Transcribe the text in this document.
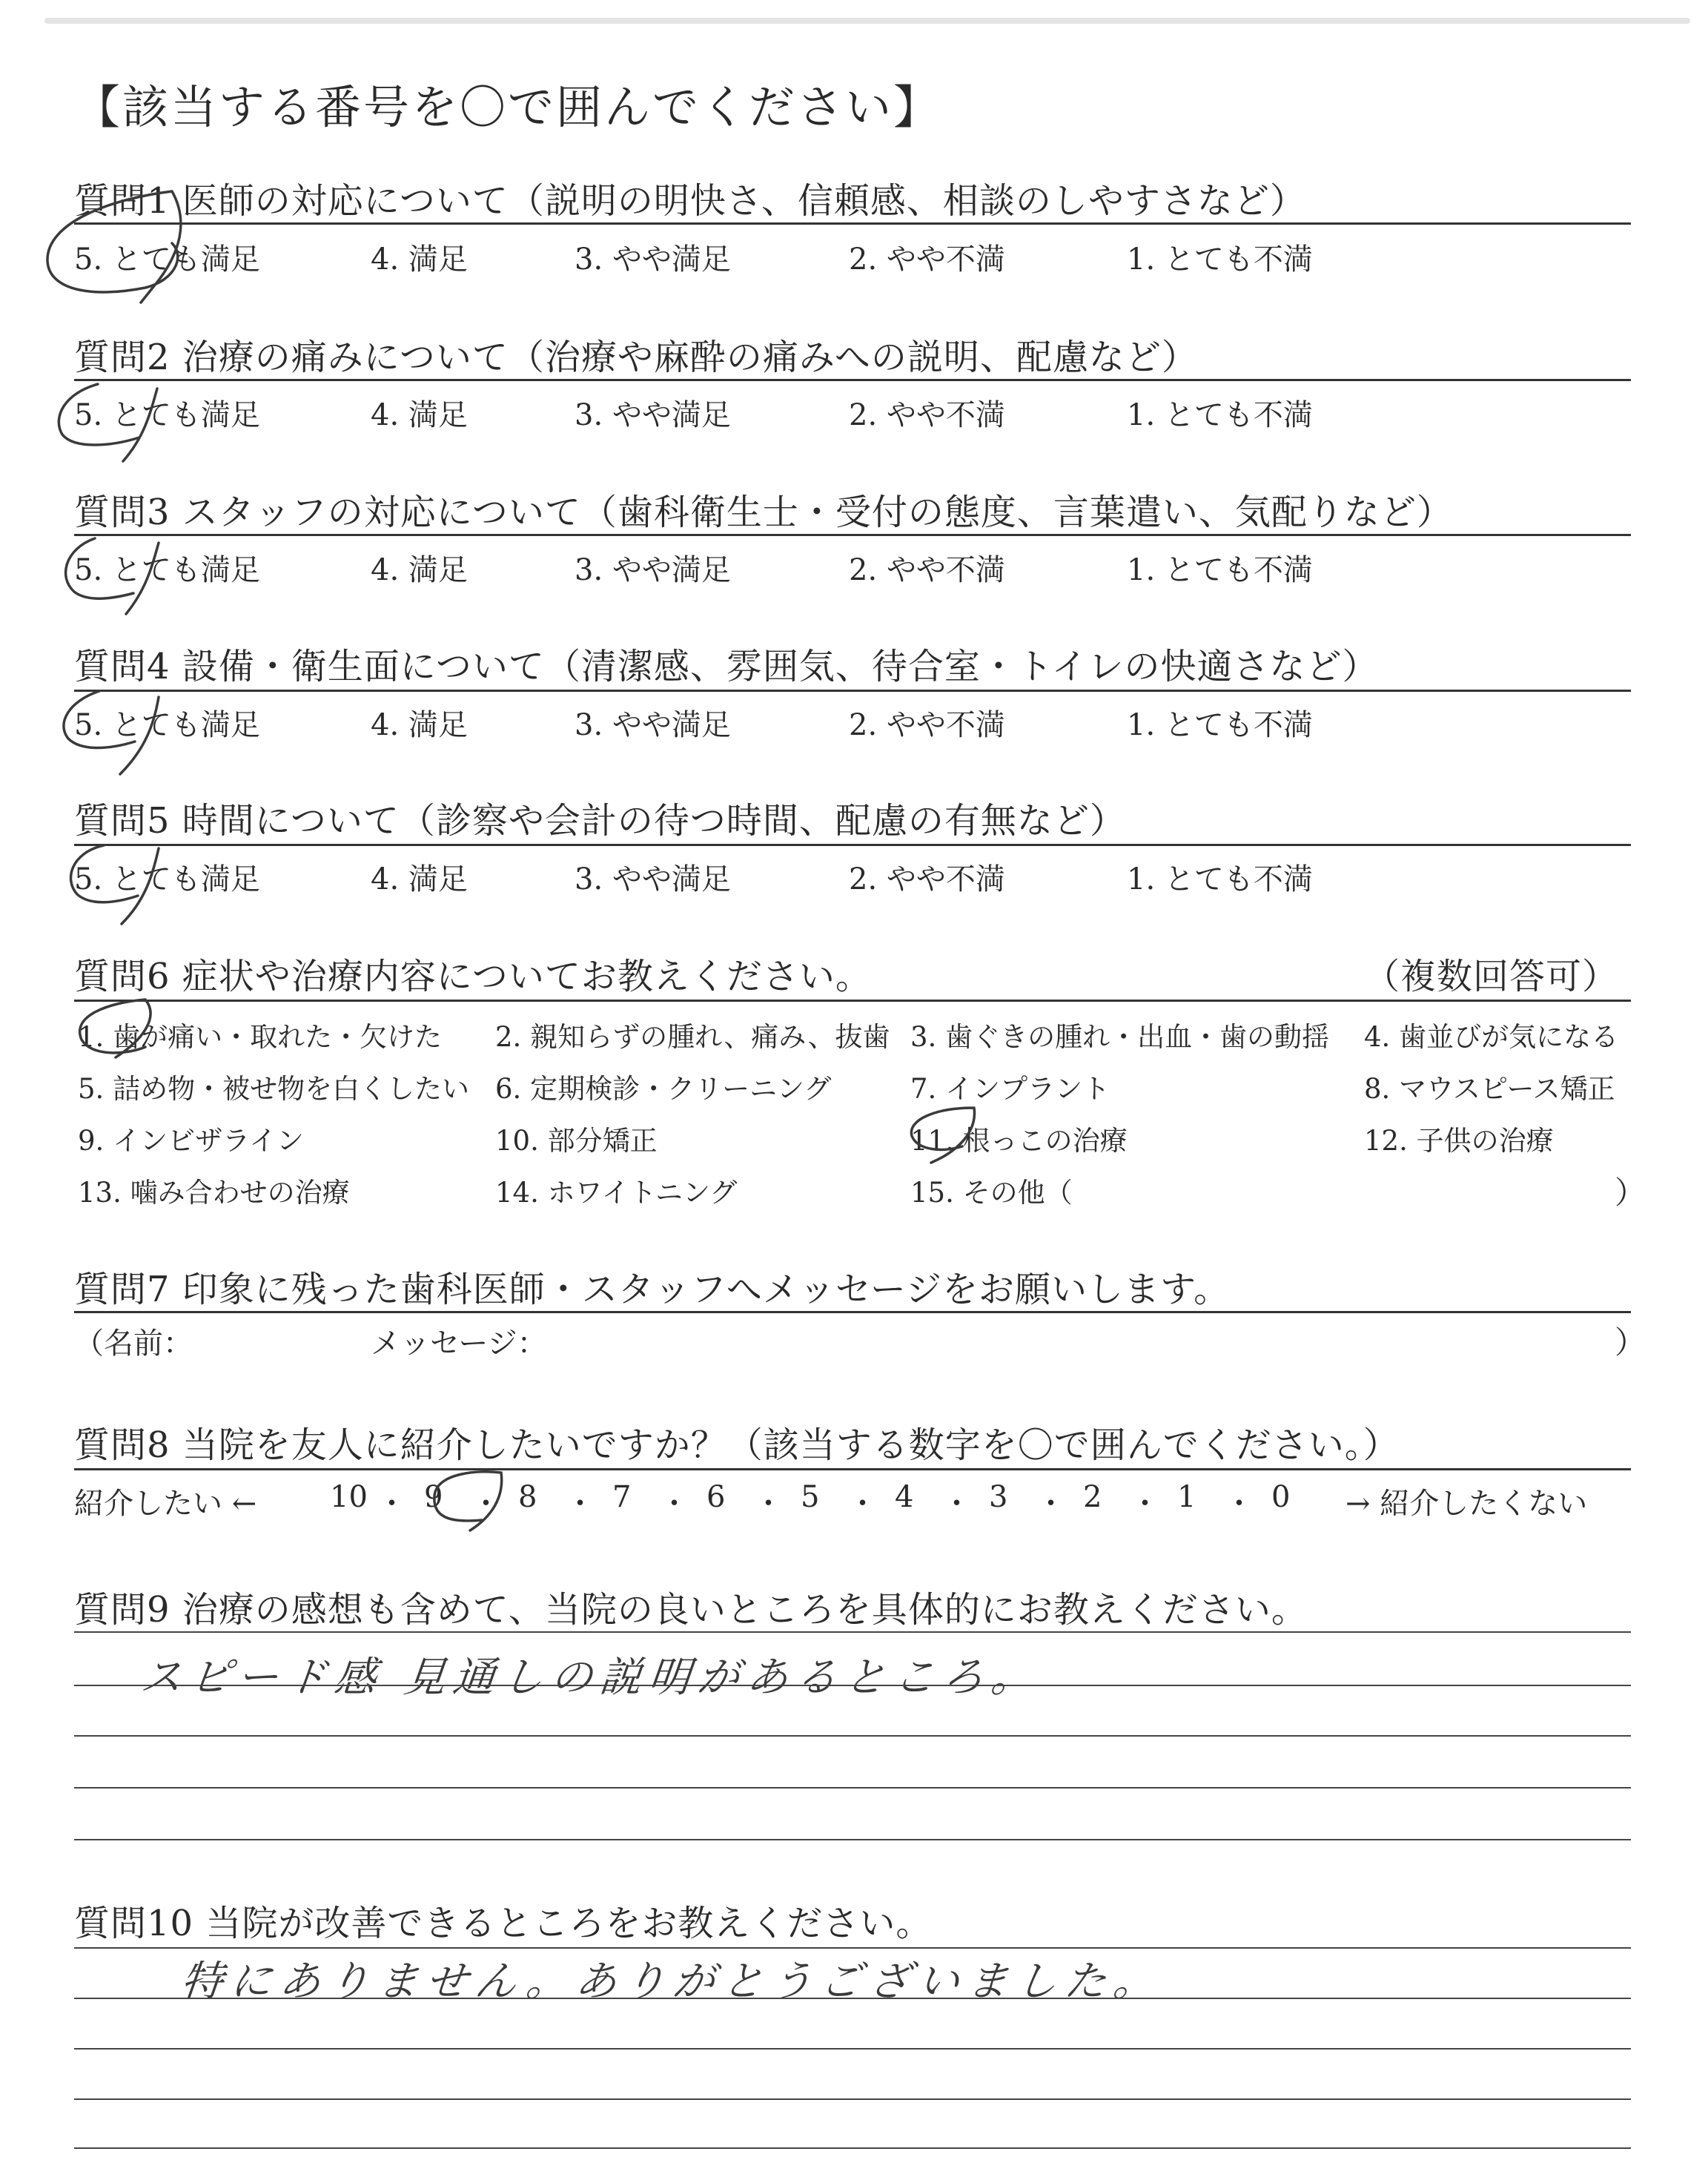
【該当する番号を〇で囲んでください】
質問1 医師の対応について（説明の明快さ、信頼感、相談のしやすさなど）
5. とても満足	4. 満足	3. やや満足	2. やや不満	1. とても不満
質問2 治療の痛みについて（治療や麻酔の痛みへの説明、配慮など）
5. とても満足	4. 満足	3. やや満足	2. やや不満	1. とても不満
質問3 スタッフの対応について（歯科衛生士・受付の態度、言葉遣い、気配りなど）
5. とても満足	4. 満足	3. やや満足	2. やや不満	1. とても不満
質問4 設備・衛生面について（清潔感、雰囲気、待合室・トイレの快適さなど）
5. とても満足	4. 満足	3. やや満足	2. やや不満	1. とても不満
質問5 時間について（診察や会計の待つ時間、配慮の有無など）
5. とても満足	4. 満足	3. やや満足	2. やや不満	1. とても不満
質問6 症状や治療内容についてお教えください。	（複数回答可）
1. 歯が痛い・取れた・欠けた 2. 親知らずの腫れ、痛み、抜歯 3. 歯ぐきの腫れ・出血・歯の動揺 4. 歯並びが気になる
5. 詰め物・被せ物を白くしたい 6. 定期検診・クリーニング	7. インプラント	8. マウスピース矯正
9. インビザライン	10. 部分矯正	11. 根っこの治療	12. 子供の治療
13. 噛み合わせの治療	14. ホワイトニング	15. その他（	）
質問7 印象に残った歯科医師・スタッフへメッセージをお願いします。
（名前：	メッセージ：	）
質問8 当院を友人に紹介したいですか？（該当する数字を〇で囲んでください。）
紹介したい ← 10 ・ 9 ・ 8 ・ 7 ・ 6 ・ 5 ・ 4 ・ 3 ・ 2 ・ 1 ・ 0 → 紹介したくない
質問9 治療の感想も含めて、当院の良いところを具体的にお教えください。
スピード感 見通しの説明があるところ。
質問10 当院が改善できるところをお教えください。
特にありません。ありがとうございました。
